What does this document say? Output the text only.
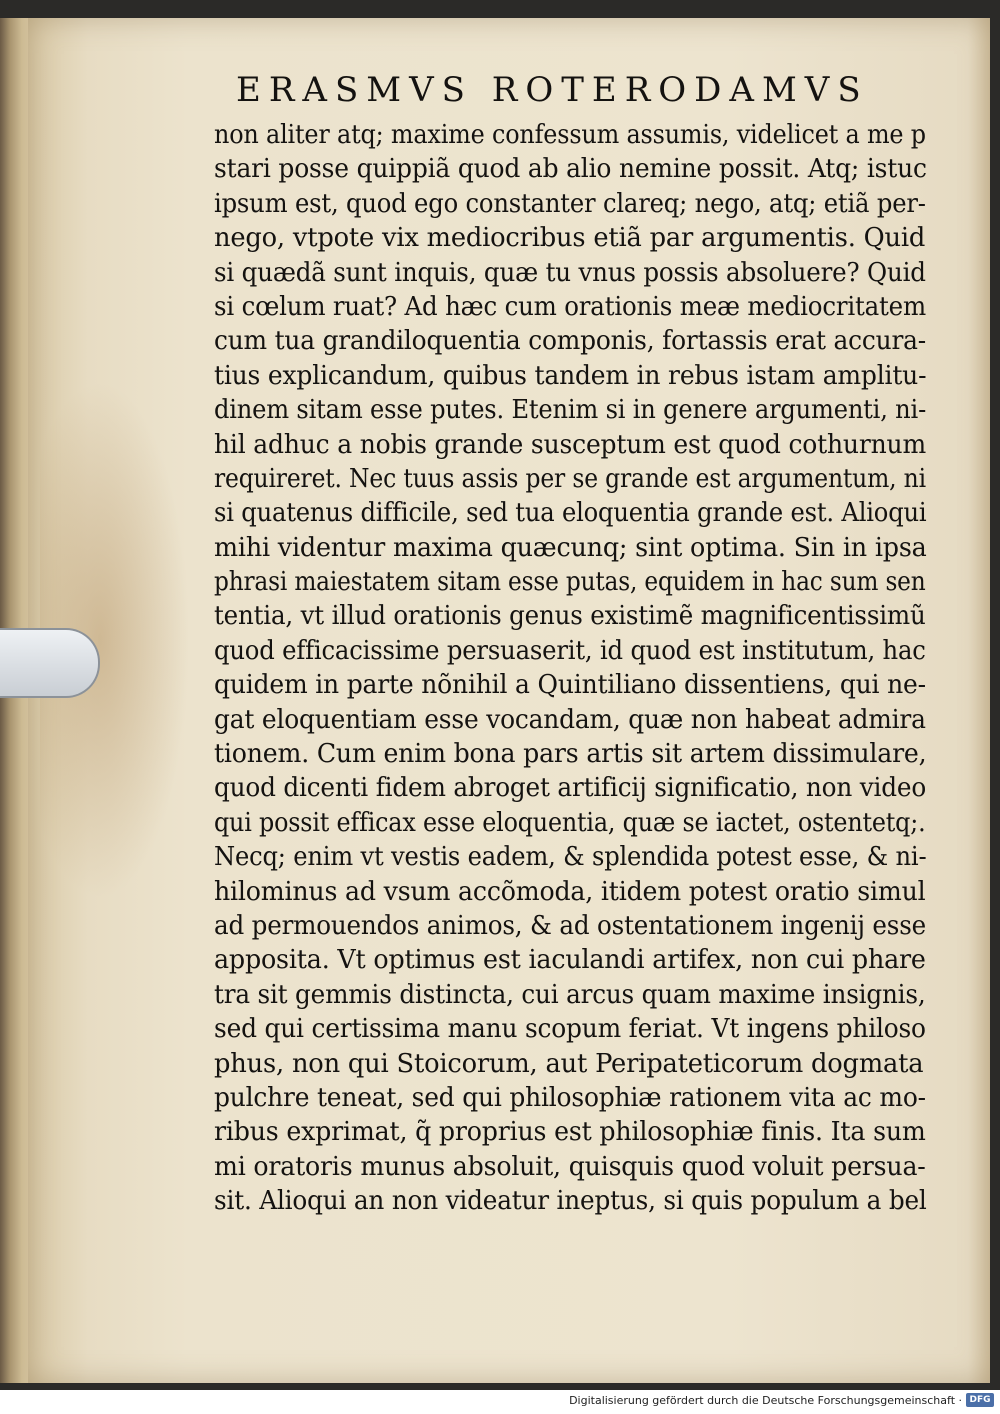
ERASMVS ROTERODAMVS
non aliter atq; maxime confessum assumis, videlicet a me p
stari posse quippiã quod ab alio nemine possit. Atq; istuc
ipsum est, quod ego constanter clareq; nego, atq; etiã per-
nego, vtpote vix mediocribus etiã par argumentis. Quid
si quædã sunt inquis, quæ tu vnus possis absoluere? Quid
si cœlum ruat? Ad hæc cum orationis meæ mediocritatem
cum tua grandiloquentia componis, fortassis erat accura-
tius explicandum, quibus tandem in rebus istam amplitu-
dinem sitam esse putes. Etenim si in genere argumenti, ni-
hil adhuc a nobis grande susceptum est quod cothurnum
requireret. Nec tuus assis per se grande est argumentum, ni
si quatenus difficile, sed tua eloquentia grande est. Alioqui
mihi videntur maxima quæcunq; sint optima. Sin in ipsa
phrasi maiestatem sitam esse putas, equidem in hac sum sen
tentia, vt illud orationis genus existimẽ magnificentissimũ
quod efficacissime persuaserit, id quod est institutum, hac
quidem in parte nõnihil a Quintiliano dissentiens, qui ne-
gat eloquentiam esse vocandam, quæ non habeat admira
tionem. Cum enim bona pars artis sit artem dissimulare,
quod dicenti fidem abroget artificij significatio, non video
qui possit efficax esse eloquentia, quæ se iactet, ostentetq;.
Necq; enim vt vestis eadem, & splendida potest esse, & ni-
hilominus ad vsum accõmoda, itidem potest oratio simul
ad permouendos animos, & ad ostentationem ingenij esse
apposita. Vt optimus est iaculandi artifex, non cui phare
tra sit gemmis distincta, cui arcus quam maxime insignis,
sed qui certissima manu scopum feriat. Vt ingens philoso
phus, non qui Stoicorum, aut Peripateticorum dogmata
pulchre teneat, sed qui philosophiæ rationem vita ac mo-
ribus exprimat, q̃ proprius est philosophiæ finis. Ita sum
mi oratoris munus absoluit, quisquis quod voluit persua-
sit. Alioqui an non videatur ineptus, si quis populum a bel
Digitalisierung gefördert durch die Deutsche Forschungsgemeinschaft · DFG
